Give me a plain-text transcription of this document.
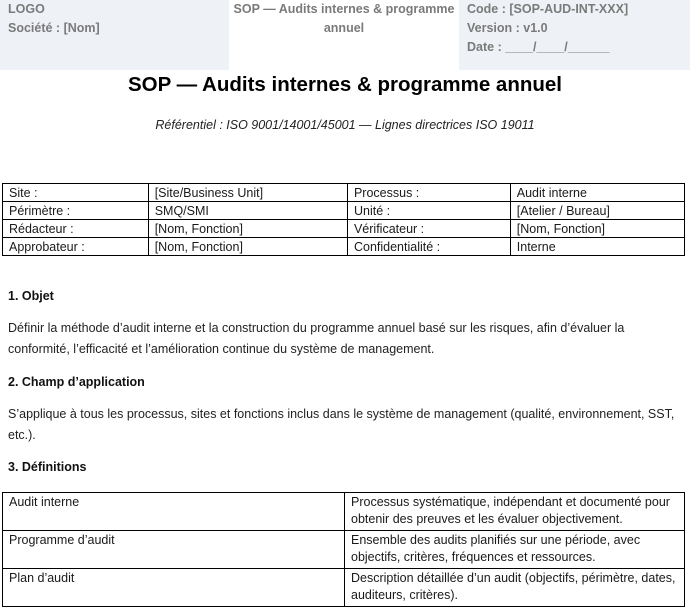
LOGO
Société : [Nom]
SOP — Audits internes & programme
annuel
Code : [SOP-AUD-INT-XXX]
Version : v1.0
Date : ____/____/______
SOP — Audits internes & programme annuel
Référentiel : ISO 9001/14001/45001 — Lignes directrices ISO 19011
Site :	[Site/Business Unit]	Processus :	Audit interne
Périmètre :	SMQ/SMI	Unité :	[Atelier / Bureau]
Rédacteur :	[Nom, Fonction]	Vérificateur :	[Nom, Fonction]
Approbateur :	[Nom, Fonction]	Confidentialité :	Interne
1. Objet
Définir la méthode d’audit interne et la construction du programme annuel basé sur les risques, afin d’évaluer la conformité, l’efficacité et l’amélioration continue du système de management.
2. Champ d’application
S’applique à tous les processus, sites et fonctions inclus dans le système de management (qualité, environnement, SST, etc.).
3. Définitions
Audit interne	Processus systématique, indépendant et documenté pour obtenir des preuves et les évaluer objectivement.
Programme d’audit	Ensemble des audits planifiés sur une période, avec objectifs, critères, fréquences et ressources.
Plan d’audit	Description détaillée d’un audit (objectifs, périmètre, dates, auditeurs, critères).
